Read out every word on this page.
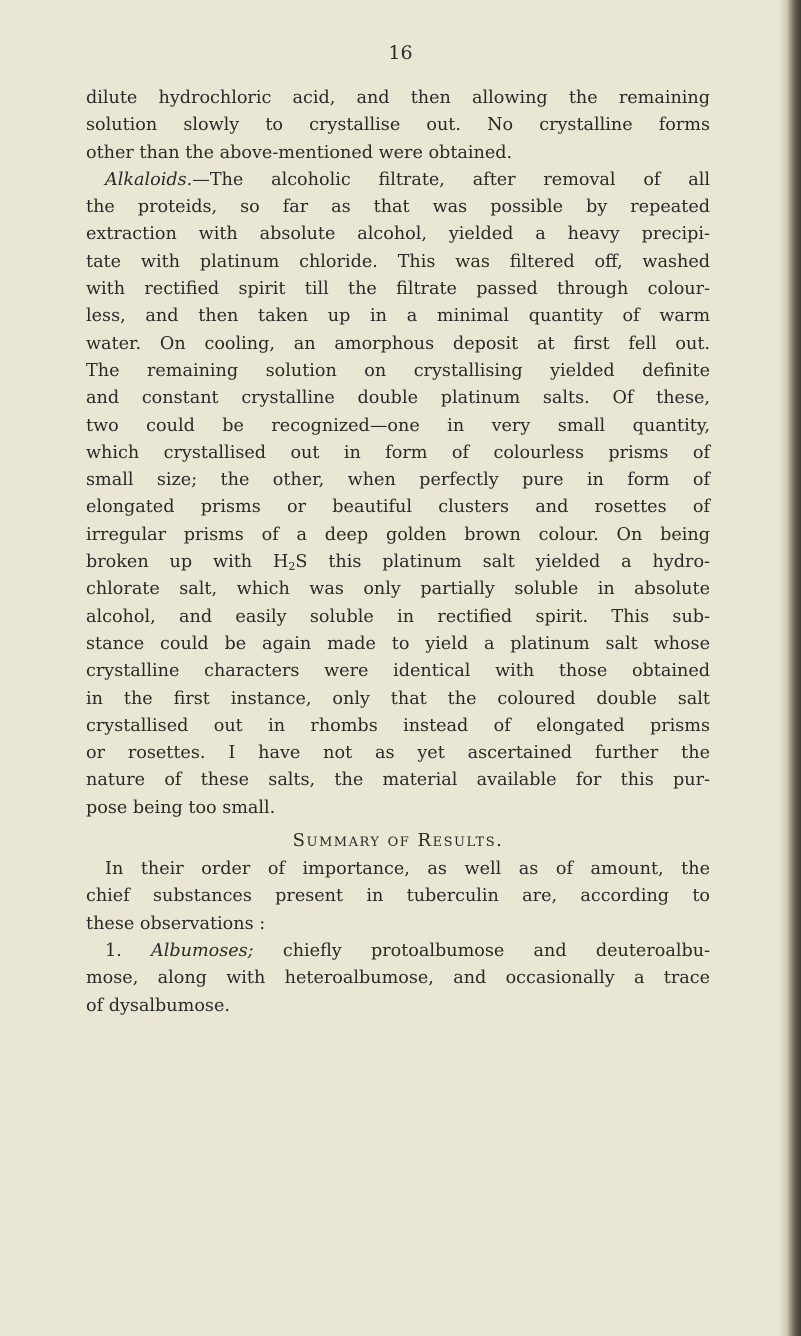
16
dilute hydrochloric acid, and then allowing the remaining
solution slowly to crystallise out. No crystalline forms
other than the above-mentioned were obtained.
Alkaloids.—The alcoholic filtrate, after removal of all
the proteids, so far as that was possible by repeated
extraction with absolute alcohol, yielded a heavy precipi-
tate with platinum chloride. This was filtered off, washed
with rectified spirit till the filtrate passed through colour-
less, and then taken up in a minimal quantity of warm
water. On cooling, an amorphous deposit at first fell out.
The remaining solution on crystallising yielded definite
and constant crystalline double platinum salts. Of these,
two could be recognized—one in very small quantity,
which crystallised out in form of colourless prisms of
small size; the other, when perfectly pure in form of
elongated prisms or beautiful clusters and rosettes of
irregular prisms of a deep golden brown colour. On being
broken up with $H_2S$ this platinum salt yielded a hydro-
chlorate salt, which was only partially soluble in absolute
alcohol, and easily soluble in rectified spirit. This sub-
stance could be again made to yield a platinum salt whose
crystalline characters were identical with those obtained
in the first instance, only that the coloured double salt
crystallised out in rhombs instead of elongated prisms
or rosettes. I have not as yet ascertained further the
nature of these salts, the material available for this pur-
pose being too small.
Summary of Results.
In their order of importance, as well as of amount, the
chief substances present in tuberculin are, according to
these observations :
1. Albumoses; chiefly protoalbumose and deuteroalbu-
mose, along with heteroalbumose, and occasionally a trace
of dysalbumose.
